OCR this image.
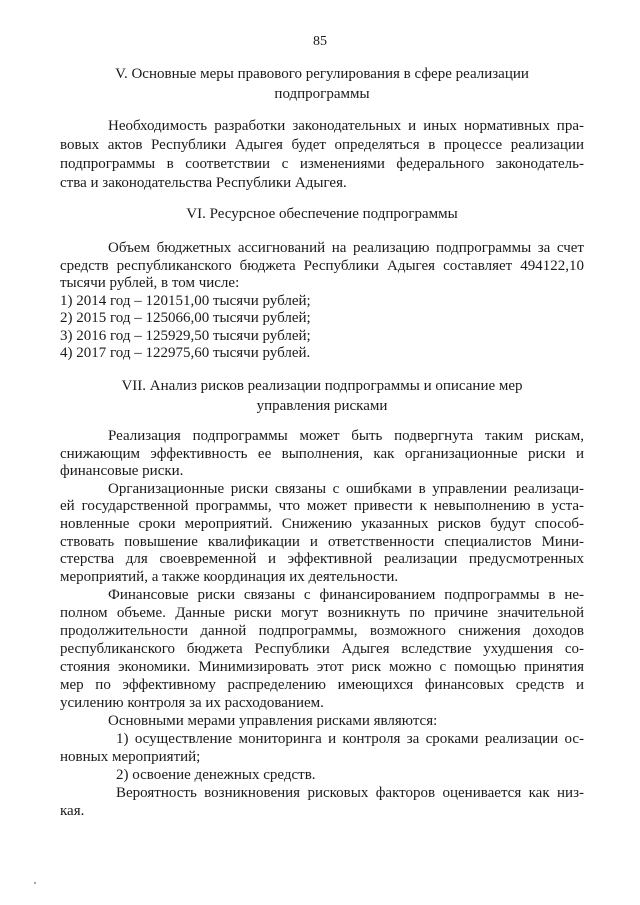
85
V. Основные меры правового регулирования в сфере реализации
подпрограммы
Необходимость разработки законодательных и иных нормативных пра-
вовых актов Республики Адыгея будет определяться в процессе реализации
подпрограммы в соответствии с изменениями федерального законодатель-
ства и законодательства Республики Адыгея.
VI. Ресурсное обеспечение подпрограммы
Объем бюджетных ассигнований на реализацию подпрограммы за счет
средств республиканского бюджета Республики Адыгея составляет 494122,10
тысячи рублей, в том числе:
1) 2014 год – 120151,00 тысячи рублей;
2) 2015 год – 125066,00 тысячи рублей;
3) 2016 год – 125929,50 тысячи рублей;
4) 2017 год – 122975,60 тысячи рублей.
VII. Анализ рисков реализации подпрограммы и описание мер
управления рисками
Реализация подпрограммы может быть подвергнута таким рискам,
снижающим эффективность ее выполнения, как организационные риски и
финансовые риски.
Организационные риски связаны с ошибками в управлении реализаци-
ей государственной программы, что может привести к невыполнению в уста-
новленные сроки мероприятий. Снижению указанных рисков будут способ-
ствовать повышение квалификации и ответственности специалистов Мини-
стерства для своевременной и эффективной реализации предусмотренных
мероприятий, а также координация их деятельности.
Финансовые риски связаны с финансированием подпрограммы в не-
полном объеме. Данные риски могут возникнуть по причине значительной
продолжительности данной подпрограммы, возможного снижения доходов
республиканского бюджета Республики Адыгея вследствие ухудшения со-
стояния экономики. Минимизировать этот риск можно с помощью принятия
мер по эффективному распределению имеющихся финансовых средств и
усилению контроля за их расходованием.
Основными мерами управления рисками являются:
1) осуществление мониторинга и контроля за сроками реализации ос-
новных мероприятий;
2) освоение денежных средств.
Вероятность возникновения рисковых факторов оценивается как низ-
кая.
